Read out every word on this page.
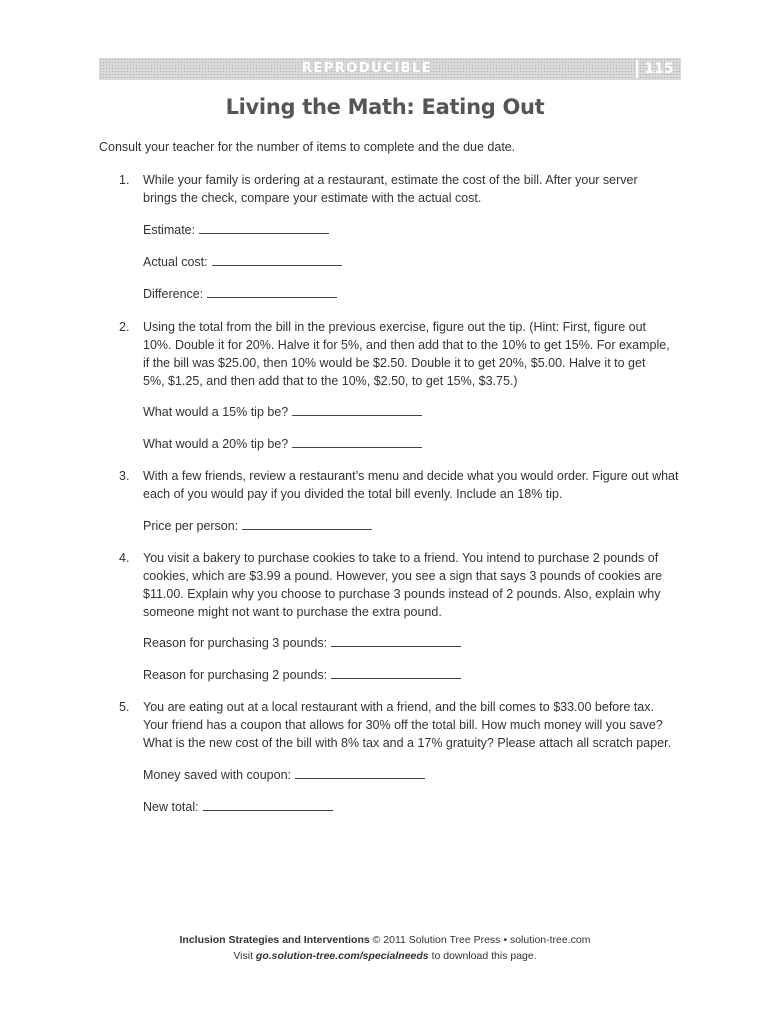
REPRODUCIBLE	115
Living the Math: Eating Out
Consult your teacher for the number of items to complete and the due date.
1. While your family is ordering at a restaurant, estimate the cost of the bill. After your server
brings the check, compare your estimate with the actual cost.
Estimate:
Actual cost:
Difference:
2. Using the total from the bill in the previous exercise, figure out the tip. (Hint: First, figure out
10%. Double it for 20%. Halve it for 5%, and then add that to the 10% to get 15%. For example,
if the bill was $25.00, then 10% would be $2.50. Double it to get 20%, $5.00. Halve it to get
5%, $1.25, and then add that to the 10%, $2.50, to get 15%, $3.75.)
What would a 15% tip be?
What would a 20% tip be?
3. With a few friends, review a restaurant’s menu and decide what you would order. Figure out what
each of you would pay if you divided the total bill evenly. Include an 18% tip.
Price per person:
4. You visit a bakery to purchase cookies to take to a friend. You intend to purchase 2 pounds of
cookies, which are $3.99 a pound. However, you see a sign that says 3 pounds of cookies are
$11.00. Explain why you choose to purchase 3 pounds instead of 2 pounds. Also, explain why
someone might not want to purchase the extra pound.
Reason for purchasing 3 pounds:
Reason for purchasing 2 pounds:
5. You are eating out at a local restaurant with a friend, and the bill comes to $33.00 before tax.
Your friend has a coupon that allows for 30% off the total bill. How much money will you save?
What is the new cost of the bill with 8% tax and a 17% gratuity? Please attach all scratch paper.
Money saved with coupon:
New total:
Inclusion Strategies and Interventions © 2011 Solution Tree Press • solution-tree.com
Visit go.solution-tree.com/specialneeds to download this page.
